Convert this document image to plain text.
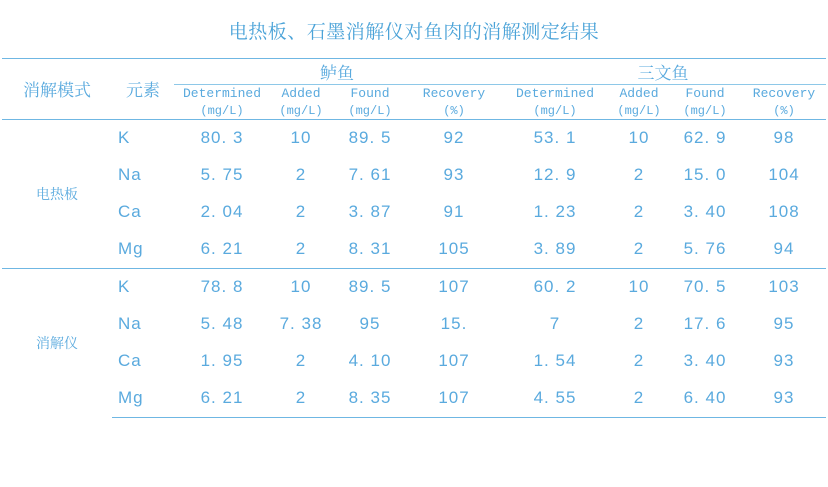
电热板、石墨消解仪对鱼肉的消解测定结果
消解模式	元素	鲈鱼				三文鱼			
		Determined
(mg/L)	Added
(mg/L)	Found
(mg/L)	Recovery
(%)	Determined
(mg/L)	Added
(mg/L)	Found
(mg/L)	Recovery
(%)

电热板	K	80. 3	10	89. 5	92	53. 1	10	62. 9	98
	Na	5. 75	2	7. 61	93	12. 9	2	15. 0	104
	Ca	2. 04	2	3. 87	91	1. 23	2	3. 40	108
	Mg	6. 21	2	8. 31	105	3. 89	2	5. 76	94
消解仪	K	78. 8	10	89. 5	107	60. 2	10	70. 5	103
	Na	5. 48	7. 38	95	15.	7	2	17. 6	95
	Ca	1. 95	2	4. 10	107	1. 54	2	3. 40	93
	Mg	6. 21	2	8. 35	107	4. 55	2	6. 40	93
